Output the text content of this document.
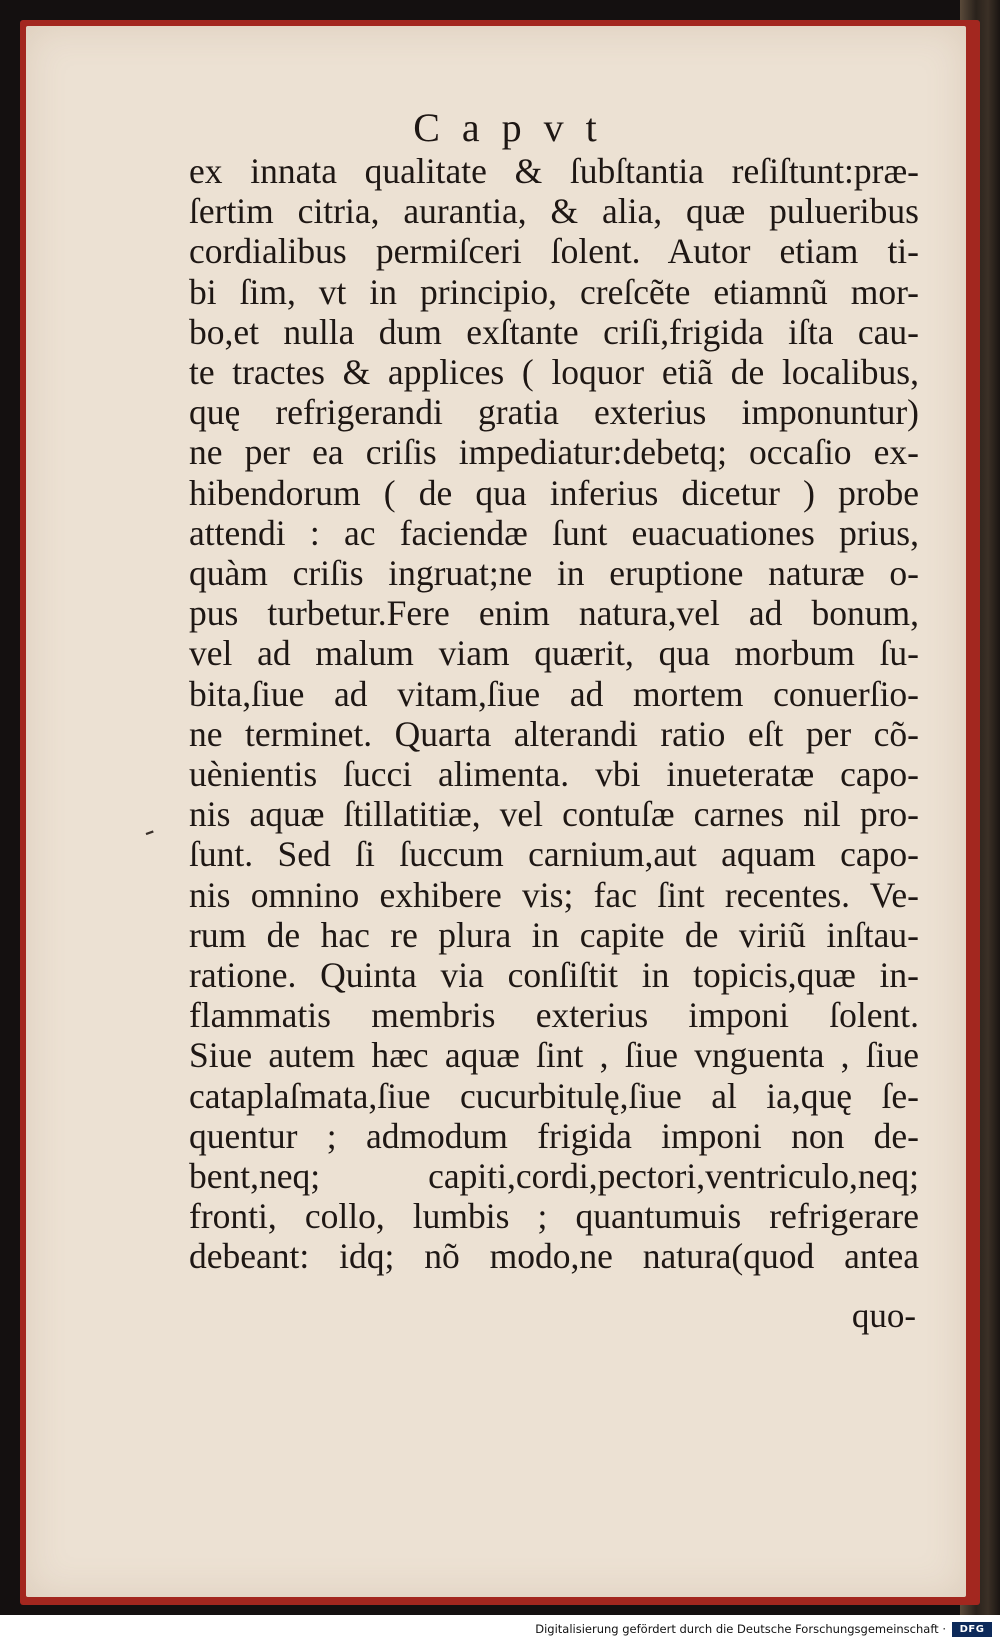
Capvt
ex innata qualitate & ſubſtantia reſiſtunt:præ-
ſertim citria, aurantia, & alia, quæ pulueribus
cordialibus permiſceri ſolent. Autor etiam ti-
bi ſim, vt in principio, creſcẽte etiamnũ mor-
bo,et nulla dum exſtante criſi,frigida iſta cau-
te tractes & applices ( loquor etiã de localibus,
quę refrigerandi gratia exterius imponuntur)
ne per ea criſis impediatur:debetq; occaſio ex-
hibendorum ( de qua inferius dicetur ) probe
attendi : ac faciendæ ſunt euacuationes prius,
quàm criſis ingruat;ne in eruptione naturæ o-
pus turbetur.Fere enim natura,vel ad bonum,
vel ad malum viam quærit, qua morbum ſu-
bita,ſiue ad vitam,ſiue ad mortem conuerſio-
ne terminet. Quarta alterandi ratio eſt per cõ-
uènientis ſucci alimenta. vbi inueteratæ capo-
nis aquæ ſtillatitiæ, vel contuſæ carnes nil pro-
ſunt. Sed ſi ſuccum carnium,aut aquam capo-
nis omnino exhibere vis; fac ſint recentes. Ve-
rum de hac re plura in capite de viriũ inſtau-
ratione. Quinta via conſiſtit in topicis,quæ in-
flammatis membris exterius imponi ſolent.
Siue autem hæc aquæ ſint , ſiue vnguenta , ſiue
cataplaſmata,ſiue cucurbitulę,ſiue al ia,quę ſe-
quentur ; admodum frigida imponi non de-
bent,neq; capiti,cordi,pectori,ventriculo,neq;
fronti, collo, lumbis ; quantumuis refrigerare
debeant: idq; nõ modo,ne natura(quod antea
quo-
-
Digitalisierung gefördert durch die Deutsche Forschungsgemeinschaft ·	DFG
